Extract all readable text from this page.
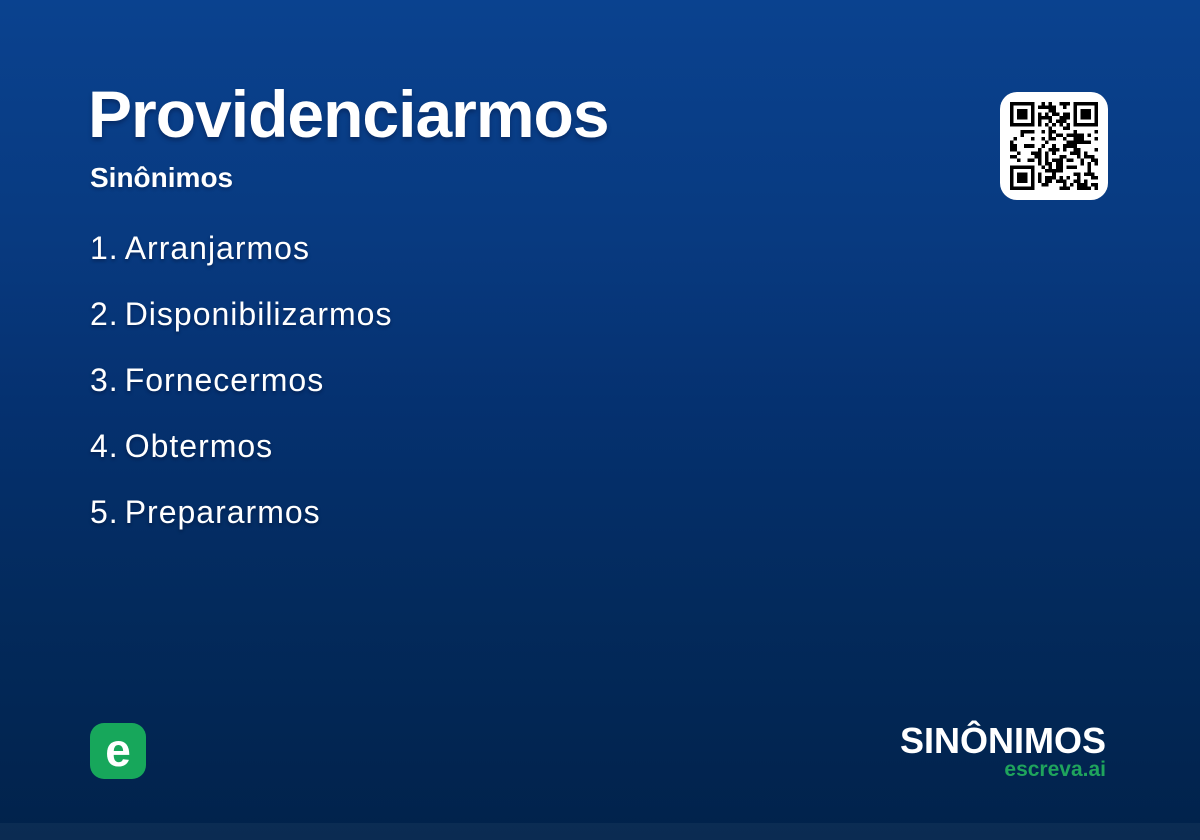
Providenciarmos
Sinônimos
1. Arranjarmos
2. Disponibilizarmos
3. Fornecermos
4. Obtermos
5. Prepararmos
e	SINÔNIMOS
escreva.ai
